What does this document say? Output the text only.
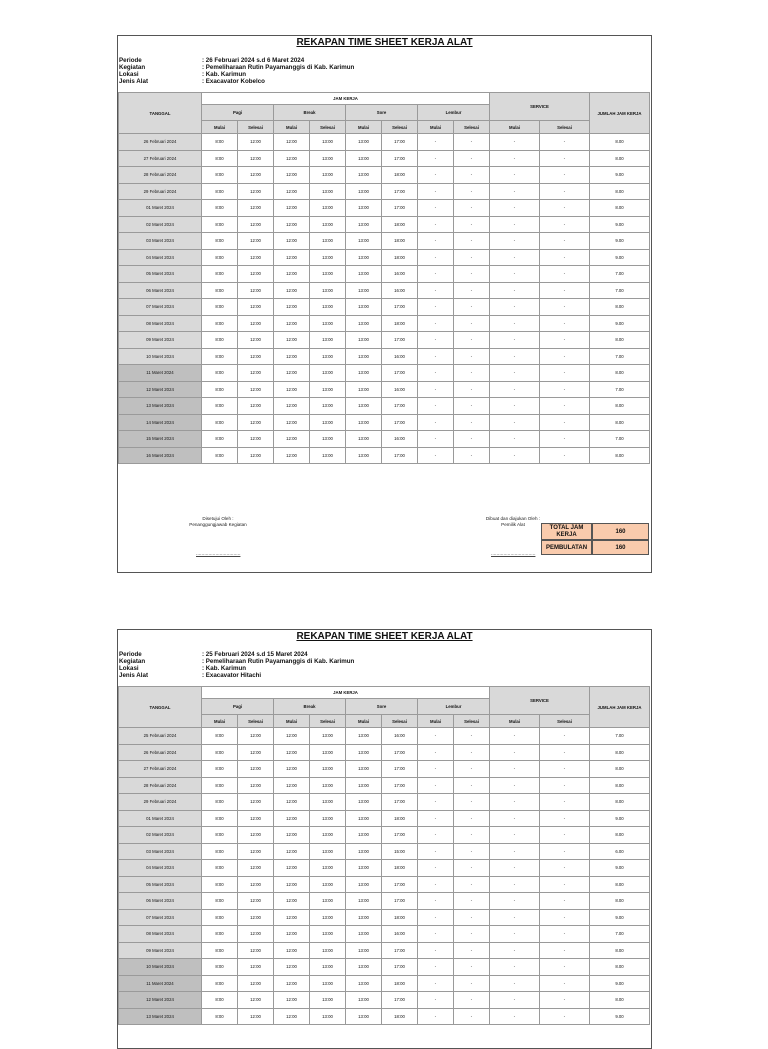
REKAPAN TIME SHEET KERJA ALAT
Periode	: 26 Februari 2024 s.d 6 Maret 2024
Kegiatan	: Pemeliharaan Rutin Payamanggis di Kab. Karimun
Lokasi	: Kab. Karimun
Jenis Alat	: Exacavator Kobelco
TANGGAL	JAM KERJA								SERVICE		JUMLAH JAM KERJA
	Pagi		Break		Sore		Lembur				
	Mulai	Selesai	Mulai	Selesai	Mulai	Selesai	Mulai	Selesai	Mulai	Selesai	
26 Februari 2024	8:00	12:00	12:00	13:00	13:00	17:00	-	-	-	-	8.00
27 Februari 2024	8:00	12:00	12:00	13:00	13:00	17:00	-	-	-	-	8.00
28 Februari 2024	8:00	12:00	12:00	13:00	13:00	18:00	-	-	-	-	9.00
29 Februari 2024	8:00	12:00	12:00	13:00	13:00	17:00	-	-	-	-	8.00
01 Maret 2024	8:00	12:00	12:00	13:00	13:00	17:00	-	-	-	-	8.00
02 Maret 2024	8:00	12:00	12:00	13:00	13:00	18:00	-	-	-	-	9.00
03 Maret 2024	8:00	12:00	12:00	13:00	13:00	18:00	-	-	-	-	9.00
04 Maret 2024	8:00	12:00	12:00	13:00	13:00	18:00	-	-	-	-	9.00
05 Maret 2024	8:00	12:00	12:00	13:00	13:00	16:00	-	-	-	-	7.00
06 Maret 2024	8:00	12:00	12:00	13:00	13:00	16:00	-	-	-	-	7.00
07 Maret 2024	8:00	12:00	12:00	13:00	13:00	17:00	-	-	-	-	8.00
08 Maret 2024	8:00	12:00	12:00	13:00	13:00	18:00	-	-	-	-	9.00
09 Maret 2024	8:00	12:00	12:00	13:00	13:00	17:00	-	-	-	-	8.00
10 Maret 2024	8:00	12:00	12:00	13:00	13:00	16:00	-	-	-	-	7.00
11 Maret 2024	8:00	12:00	12:00	13:00	13:00	17:00	-	-	-	-	8.00
12 Maret 2024	8:00	12:00	12:00	13:00	13:00	16:00	-	-	-	-	7.00
13 Maret 2024	8:00	12:00	12:00	13:00	13:00	17:00	-	-	-	-	8.00
14 Maret 2024	8:00	12:00	12:00	13:00	13:00	17:00	-	-	-	-	8.00
15 Maret 2024	8:00	12:00	12:00	13:00	13:00	16:00	-	-	-	-	7.00
16 Maret 2024	8:00	12:00	12:00	13:00	13:00	17:00	-	-	-	-	8.00
TOTAL JAM KERJA	160
PEMBULATAN	160
Disetujui Oleh :
Penanggungjawab Kegiatan
Dibuat dan diajukan Oleh :
Pemilik Alat
................................	................................
REKAPAN TIME SHEET KERJA ALAT
Periode	: 25 Februari 2024 s.d 15 Maret 2024
Kegiatan	: Pemeliharaan Rutin Payamanggis di Kab. Karimun
Lokasi	: Kab. Karimun
Jenis Alat	: Exacavator Hitachi
TANGGAL	JAM KERJA								SERVICE		JUMLAH JAM KERJA
	Pagi		Break		Sore		Lembur				
	Mulai	Selesai	Mulai	Selesai	Mulai	Selesai	Mulai	Selesai	Mulai	Selesai	
25 Februari 2024	8:00	12:00	12:00	13:00	13:00	16:00	-	-	-	-	7.00
26 Februari 2024	8:00	12:00	12:00	13:00	13:00	17:00	-	-	-	-	8.00
27 Februari 2024	8:00	12:00	12:00	13:00	13:00	17:00	-	-	-	-	8.00
28 Februari 2024	8:00	12:00	12:00	13:00	13:00	17:00	-	-	-	-	8.00
29 Februari 2024	8:00	12:00	12:00	13:00	13:00	17:00	-	-	-	-	8.00
01 Maret 2024	8:00	12:00	12:00	13:00	13:00	18:00	-	-	-	-	9.00
02 Maret 2024	8:00	12:00	12:00	13:00	13:00	17:00	-	-	-	-	8.00
03 Maret 2024	8:00	12:00	12:00	13:00	13:00	15:00	-	-	-	-	6.00
04 Maret 2024	8:00	12:00	12:00	13:00	13:00	18:00	-	-	-	-	9.00
05 Maret 2024	8:00	12:00	12:00	13:00	13:00	17:00	-	-	-	-	8.00
06 Maret 2024	8:00	12:00	12:00	13:00	13:00	17:00	-	-	-	-	8.00
07 Maret 2024	8:00	12:00	12:00	13:00	13:00	18:00	-	-	-	-	9.00
08 Maret 2024	8:00	12:00	12:00	13:00	13:00	16:00	-	-	-	-	7.00
09 Maret 2024	8:00	12:00	12:00	13:00	13:00	17:00	-	-	-	-	8.00
10 Maret 2024	8:00	12:00	12:00	13:00	13:00	17:00	-	-	-	-	8.00
11 Maret 2024	8:00	12:00	12:00	13:00	13:00	18:00	-	-	-	-	9.00
12 Maret 2024	8:00	12:00	12:00	13:00	13:00	17:00	-	-	-	-	8.00
13 Maret 2024	8:00	12:00	12:00	13:00	13:00	18:00	-	-	-	-	9.00
